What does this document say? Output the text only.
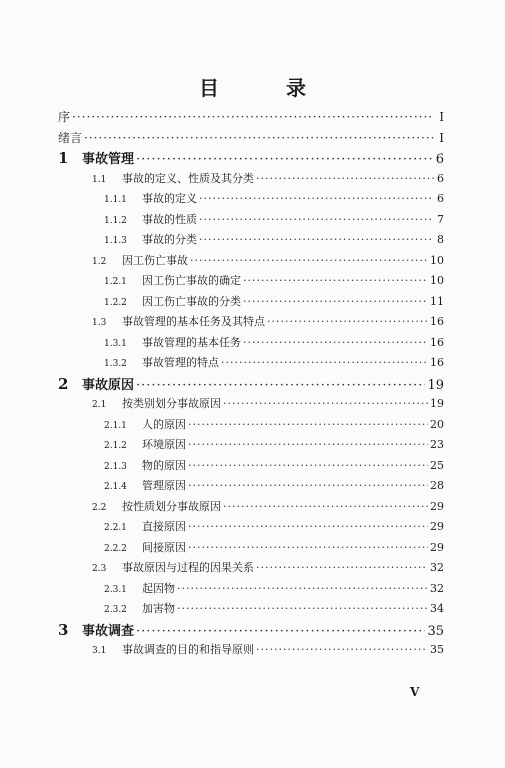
目 录
序 ·····	I
绪言 ·····	I
1	事故管理 ·····	6
1.1	事故的定义、性质及其分类 ·····	6
1.1.1	事故的定义 ·····	6
1.1.2	事故的性质 ·····	7
1.1.3	事故的分类 ·····	8
1.2	因工伤亡事故 ·····	10
1.2.1	因工伤亡事故的确定 ·····	10
1.2.2	因工伤亡事故的分类 ·····	11
1.3	事故管理的基本任务及其特点 ·····	16
1.3.1	事故管理的基本任务 ·····	16
1.3.2	事故管理的特点 ·····	16
2	事故原因 ·····	19
2.1	按类别划分事故原因 ·····	19
2.1.1	人的原因 ·····	20
2.1.2	环境原因 ·····	23
2.1.3	物的原因 ·····	25
2.1.4	管理原因 ·····	28
2.2	按性质划分事故原因 ·····	29
2.2.1	直接原因 ·····	29
2.2.2	间接原因 ·····	29
2.3	事故原因与过程的因果关系 ·····	32
2.3.1	起因物 ·····	32
2.3.2	加害物 ·····	34
3	事故调查 ·····	35
3.1	事故调查的目的和指导原则 ·····	35
V
